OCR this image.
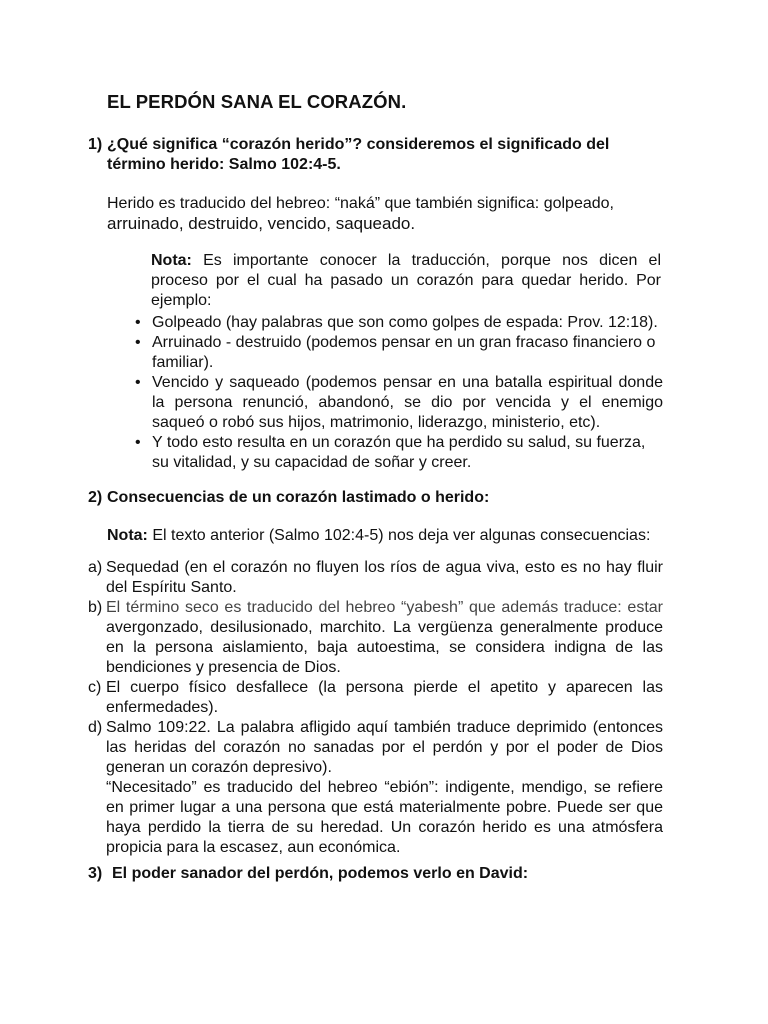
EL PERDÓN SANA EL CORAZÓN.
1) ¿Qué significa “corazón herido”? consideremos el significado del término herido: Salmo 102:4-5.
Herido es traducido del hebreo: “naká” que también significa: golpeado,
arruinado, destruido, vencido, saqueado.
Nota: Es importante conocer la traducción, porque nos dicen el proceso por el cual ha pasado un corazón para quedar herido. Por ejemplo:
• Golpeado (hay palabras que son como golpes de espada: Prov. 12:18).
• Arruinado - destruido (podemos pensar en un gran fracaso financiero o familiar).
• Vencido y saqueado (podemos pensar en una batalla espiritual donde la persona renunció, abandonó, se dio por vencida y el enemigo saqueó o robó sus hijos, matrimonio, liderazgo, ministerio, etc).
• Y todo esto resulta en un corazón que ha perdido su salud, su fuerza, su vitalidad, y su capacidad de soñar y creer.
2) Consecuencias de un corazón lastimado o herido:
Nota: El texto anterior (Salmo 102:4-5) nos deja ver algunas consecuencias:
a) Sequedad (en el corazón no fluyen los ríos de agua viva, esto es no hay fluir del Espíritu Santo.
b) El término seco es traducido del hebreo “yabesh” que además traduce: estar avergonzado, desilusionado, marchito. La vergüenza generalmente produce en la persona aislamiento, baja autoestima, se considera indigna de las bendiciones y presencia de Dios.
c) El cuerpo físico desfallece (la persona pierde el apetito y aparecen las enfermedades).
d) Salmo 109:22. La palabra afligido aquí también traduce deprimido (entonces las heridas del corazón no sanadas por el perdón y por el poder de Dios generan un corazón depresivo).
“Necesitado” es traducido del hebreo “ebión”: indigente, mendigo, se refiere en primer lugar a una persona que está materialmente pobre. Puede ser que haya perdido la tierra de su heredad. Un corazón herido es una atmósfera propicia para la escasez, aun económica.
3) El poder sanador del perdón, podemos verlo en David:
